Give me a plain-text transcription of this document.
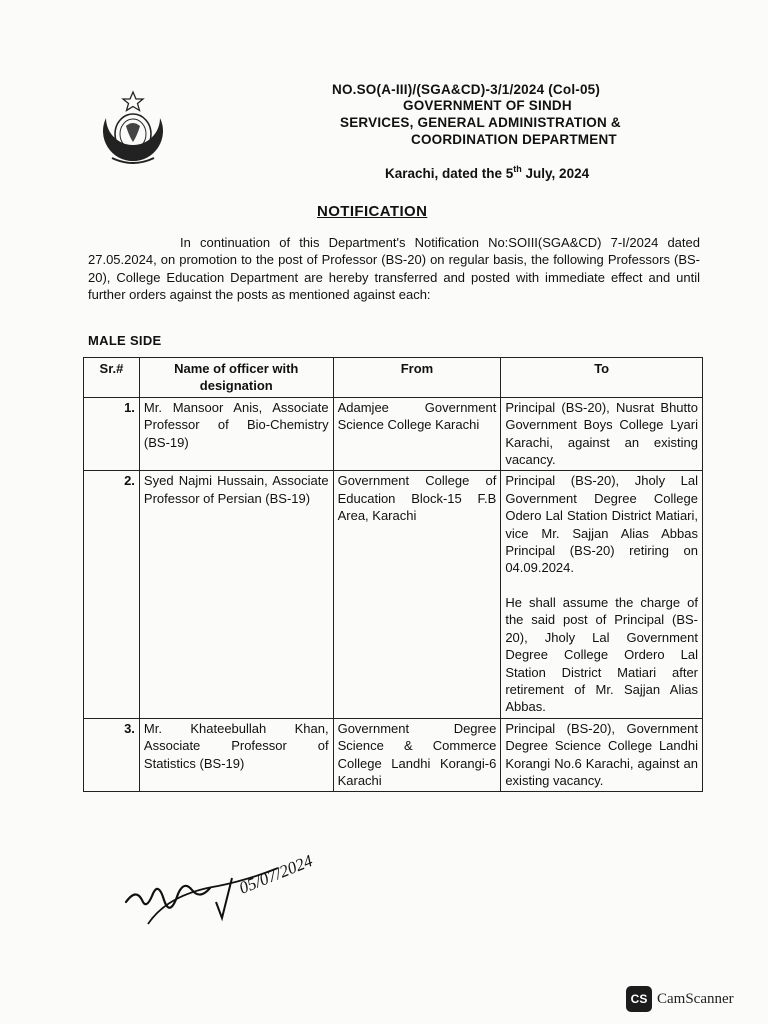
NO.SO(A-III)/(SGA&CD)-3/1/2024 (Col-05)
GOVERNMENT OF SINDH
SERVICES, GENERAL ADMINISTRATION &
COORDINATION DEPARTMENT
Karachi, dated the 5th July, 2024
NOTIFICATION
In continuation of this Department's Notification No:SOIII(SGA&CD) 7-I/2024 dated 27.05.2024, on promotion to the post of Professor (BS-20) on regular basis, the following Professors (BS-20), College Education Department are hereby transferred and posted with immediate effect and until further orders against the posts as mentioned against each:
MALE SIDE
Sr.#	Name of officer with designation	From	To
1.	Mr. Mansoor Anis, Associate Professor of Bio-Chemistry (BS-19)	Adamjee Government Science College Karachi	Principal (BS-20), Nusrat Bhutto Government Boys College Lyari Karachi, against an existing vacancy.
2.	Syed Najmi Hussain, Associate Professor of Persian (BS-19)	Government College of Education Block-15 F.B Area, Karachi	Principal (BS-20), Jholy Lal Government Degree College Odero Lal Station District Matiari, vice Mr. Sajjan Alias Abbas Principal (BS-20) retiring on 04.09.2024.
He shall assume the charge of the said post of Principal (BS-20), Jholy Lal Government Degree College Ordero Lal Station District Matiari after retirement of Mr. Sajjan Alias Abbas.

3.	Mr. Khateebullah Khan, Associate Professor of Statistics (BS-19)	Government Degree Science & Commerce College Landhi Korangi-6 Karachi	Principal (BS-20), Government Degree Science College Landhi Korangi No.6 Karachi, against an existing vacancy.
05/07/2024
CS CamScanner
